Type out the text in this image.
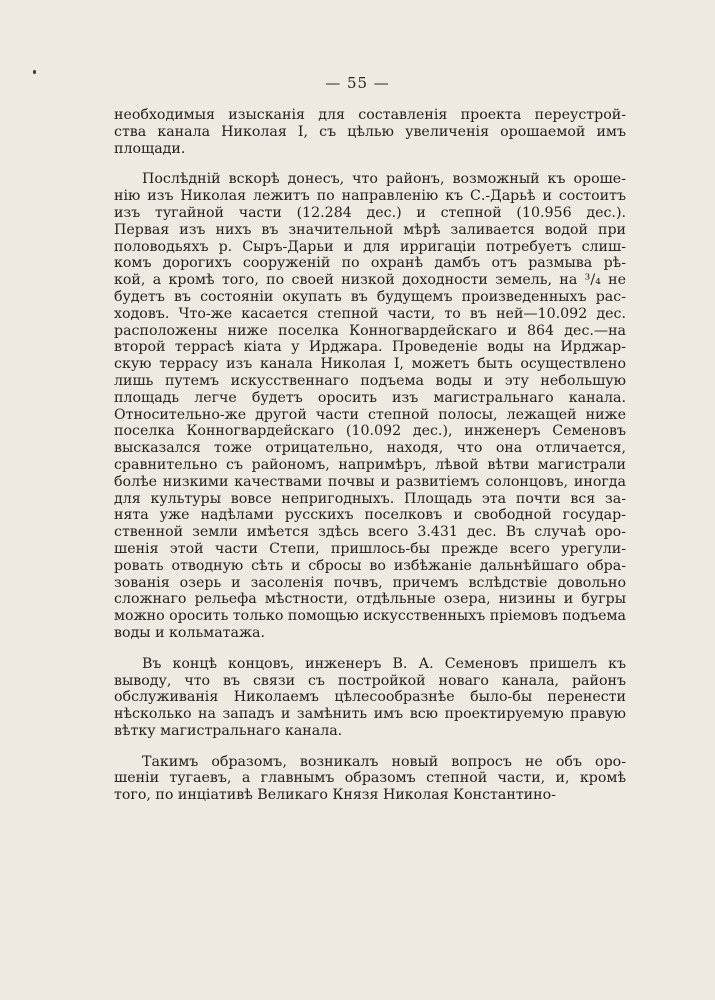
— 55 —
необходимыя изысканія для составленія проекта переустрой-
ства канала Николая I, съ цѣлью увеличенія орошаемой имъ
площади.
Послѣдній вскорѣ донесъ, что районъ, возможный къ ороше-
нію изъ Николая лежитъ по направленію къ С.-Дарьѣ и состоитъ
изъ тугайной части (12.284 дес.) и степной (10.956 дес.).
Первая изъ нихъ въ значительной мѣрѣ заливается водой при
половодьяхъ р. Сыръ-Дарьи и для ирригаціи потребуетъ слиш-
комъ дорогихъ сооруженій по охранѣ дамбъ отъ размыва рѣ-
кой, а кромѣ того, по своей низкой доходности земель, на ³/₄ не
будетъ въ состояніи окупать въ будущемъ произведенныхъ рас-
ходовъ. Что-же касается степной части, то въ ней—10.092 дес.
расположены ниже поселка Конногвардейскаго и 864 дес.—на
второй террасѣ кіата у Ирджара. Проведеніе воды на Ирджар-
скую террасу изъ канала Николая I, можетъ быть осуществлено
лишь путемъ искусственнаго подъема воды и эту небольшую
площадь легче будетъ оросить изъ магистральнаго канала.
Относительно-же другой части степной полосы, лежащей ниже
поселка Конногвардейскаго (10.092 дес.), инженеръ Семеновъ
высказался тоже отрицательно, находя, что она отличается,
сравнительно съ райономъ, напримѣръ, лѣвой вѣтви магистрали
болѣе низкими качествами почвы и развитіемъ солонцовъ, иногда
для культуры вовсе непригодныхъ. Площадь эта почти вся за-
нята уже надѣлами русскихъ поселковъ и свободной государ-
ственной земли имѣется здѣсь всего 3.431 дес. Въ случаѣ оро-
шенія этой части Степи, пришлось-бы прежде всего урегули-
ровать отводную сѣть и сбросы во избѣжаніе дальнѣйшаго обра-
зованія озерь и засоленія почвъ, причемъ вслѣдствіе довольно
сложнаго рельефа мѣстности, отдѣльные озера, низины и бугры
можно оросить только помощью искусственныхъ пріемовъ подъема
воды и кольматажа.
Въ концѣ концовъ, инженеръ В. А. Семеновъ пришелъ къ
выводу, что въ связи съ постройкой новаго канала, районъ
обслуживанія Николаемъ цѣлесообразнѣе было-бы перенести
нѣсколько на западъ и замѣнить имъ всю проектируемую правую
вѣтку магистральнаго канала.
Такимъ образомъ, возникалъ новый вопросъ не объ оро-
шеніи тугаевъ, а главнымъ образомъ степной части, и, кромѣ
того, по инціативѣ Великаго Князя Николая Константино-
